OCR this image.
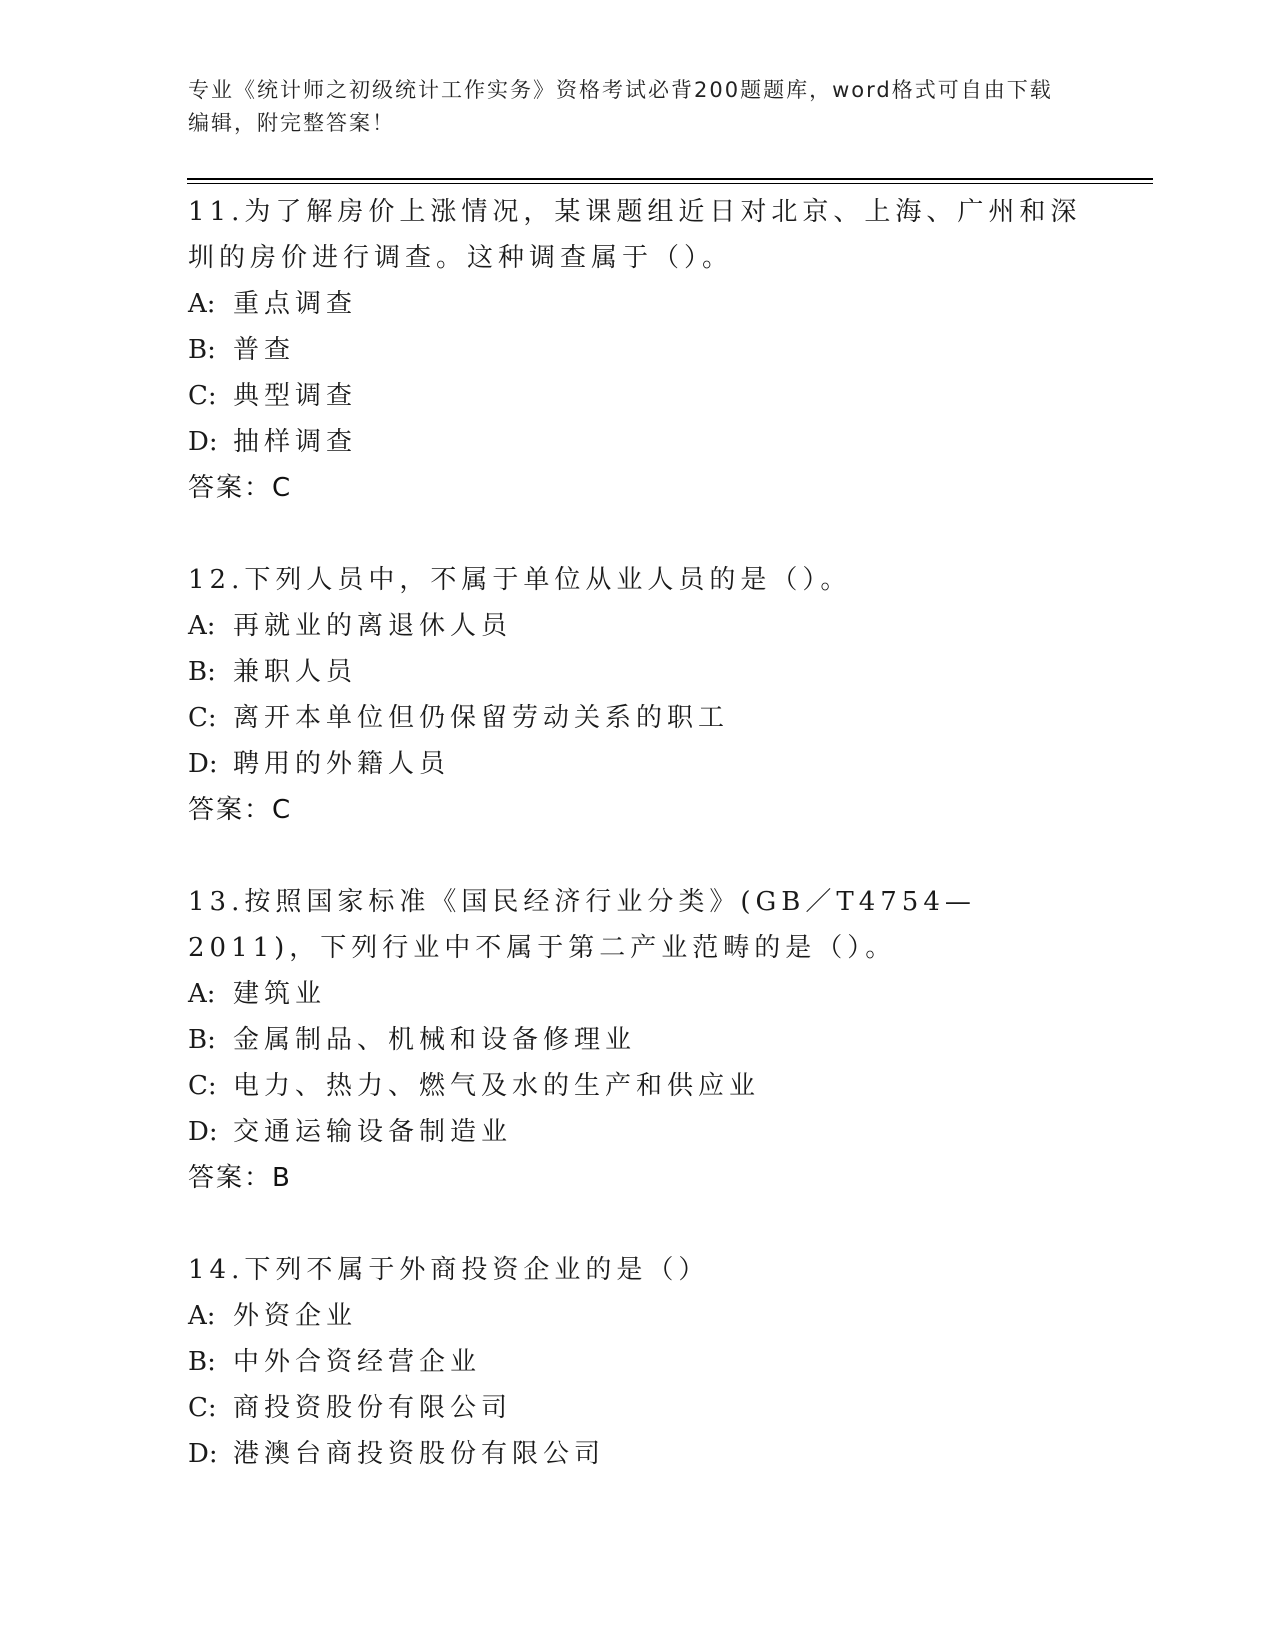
专业《统计师之初级统计工作实务》资格考试必背200题题库，word格式可自由下载编辑，附完整答案！

11.为了解房价上涨情况，某课题组近日对北京、上海、广州和深圳的房价进行调查。这种调查属于（）。

A: 重点调查

B: 普查

C: 典型调查

D: 抽样调查

答案：C

12.下列人员中，不属于单位从业人员的是（）。

A: 再就业的离退休人员

B: 兼职人员

C: 离开本单位但仍保留劳动关系的职工

D: 聘用的外籍人员

答案：C

13.按照国家标准《国民经济行业分类》(GB／T4754—2011)，下列行业中不属于第二产业范畴的是（）。

A: 建筑业

B: 金属制品、机械和设备修理业

C: 电力、热力、燃气及水的生产和供应业

D: 交通运输设备制造业

答案：B

14.下列不属于外商投资企业的是（）

A: 外资企业

B: 中外合资经营企业

C: 商投资股份有限公司

D: 港澳台商投资股份有限公司
